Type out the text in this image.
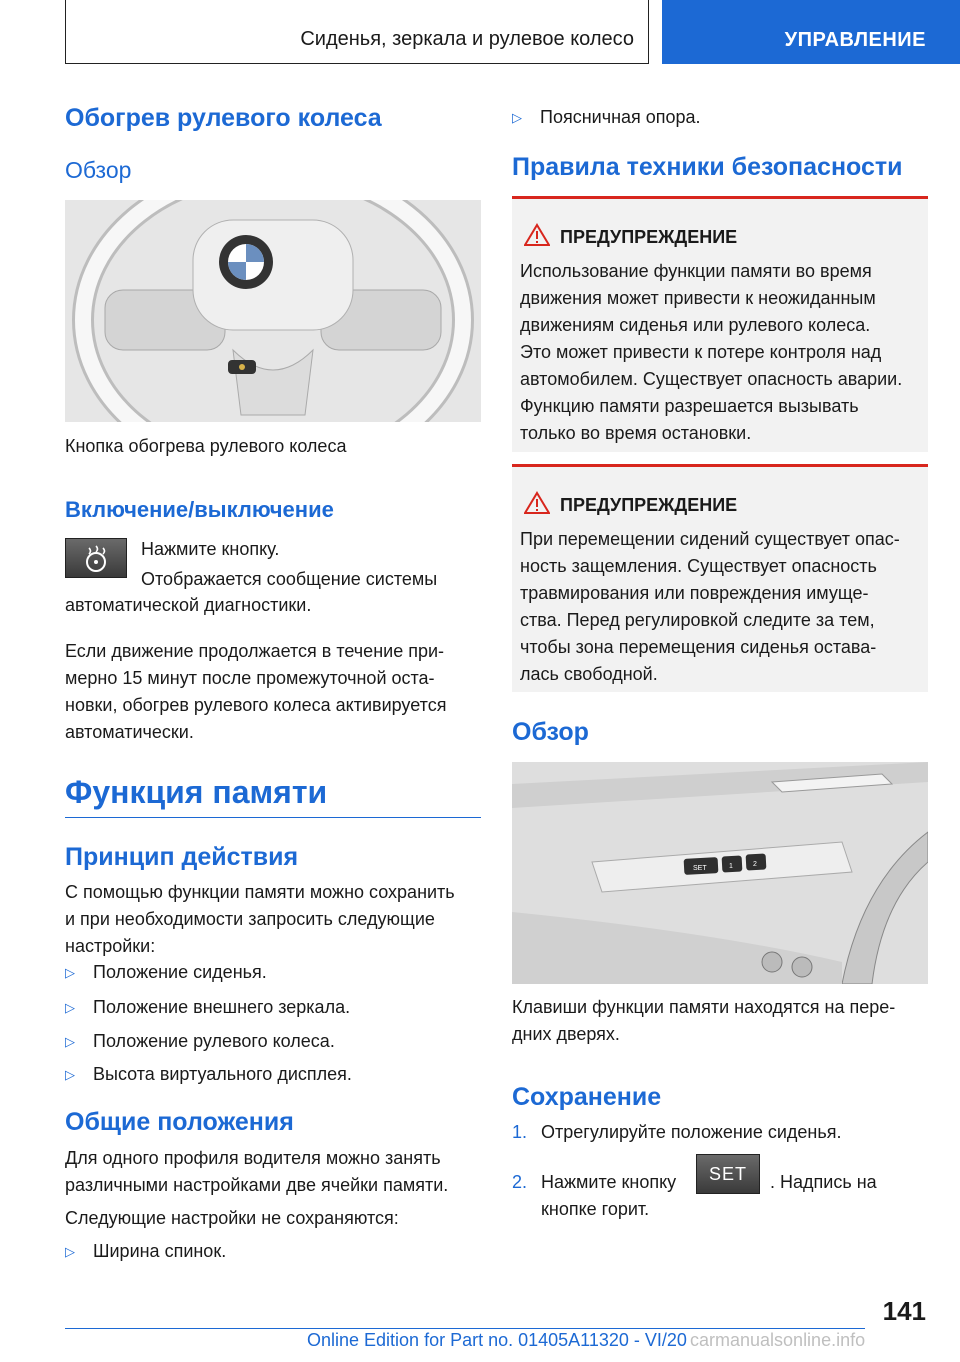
Сиденья, зеркала и рулевое колесо	УПРАВЛЕНИЕ
Обогрев рулевого колеса
Обзор

Кнопка обогрева рулевого колеса

Включение/выключение

Нажмите кнопку.

Отображается сообщение системы

автоматической диагностики.

Если движение продолжается в течение при-
мерно 15 минут после промежуточной оста-
новки, обогрев рулевого колеса активируется
автоматически.
Функция памяти
Принцип действия
С помощью функции памяти можно сохранить
и при необходимости запросить следующие
настройки:
▷ Положение сиденья.
▷ Положение внешнего зеркала.
▷ Положение рулевого колеса.
▷ Высота виртуального дисплея.
Общие положения
Для одного профиля водителя можно занять
различными настройками две ячейки памяти.

Следующие настройки не сохраняются:

▷ Ширина спинок.
▷ Поясничная опора.
Правила техники безопасности
ПРЕДУПРЕЖДЕНИЕ
Использование функции памяти во время
движения может привести к неожиданным
движениям сиденья или рулевого колеса.
Это может привести к потере контроля над
автомобилем. Существует опасность аварии.
Функцию памяти разрешается вызывать
только во время остановки.
ПРЕДУПРЕЖДЕНИЕ
При перемещении сидений существует опас-
ность защемления. Существует опасность
травмирования или повреждения имуще-
ства. Перед регулировкой следите за тем,
чтобы зона перемещения сиденья остава-
лась свободной.
Обзор
SET	1	2
Клавиши функции памяти находятся на пере-
дних дверях.
Сохранение
1. Отрегулируйте положение сиденья.
2. Нажмите кнопку SET . Надпись на
кнопке горит.
141
Online Edition for Part no. 01405A11320 - VI/20 carmanualsonline.info
